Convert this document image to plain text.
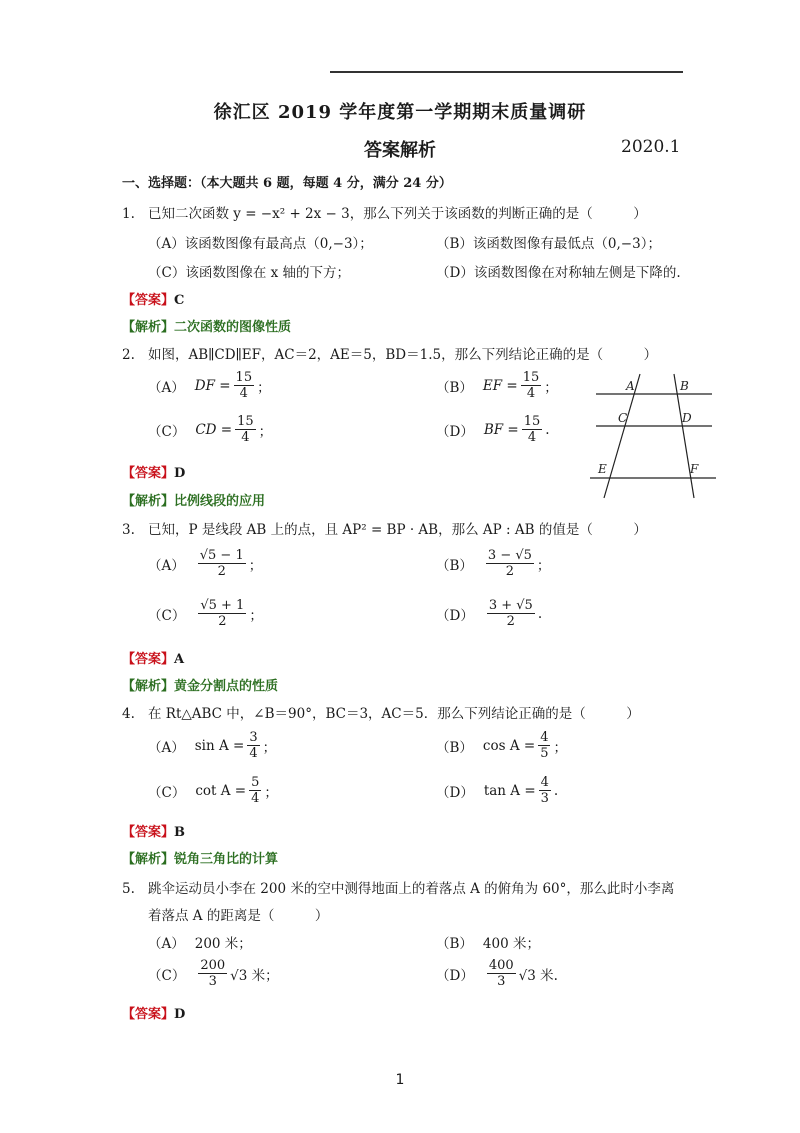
徐汇区 2019 学年度第一学期期末质量调研
答案解析	2020.1
一、选择题：（本大题共 6 题，每题 4 分，满分 24 分）
1. 已知二次函数 y = −x² + 2x − 3，那么下列关于该函数的判断正确的是（　　　）
（A）该函数图像有最高点（0,−3）；	（B）该函数图像有最低点（0,−3）；
（C）该函数图像在 x 轴的下方；	（D）该函数图像在对称轴左侧是下降的.
【答案】C
【解析】二次函数的图像性质
2. 如图，AB∥CD∥EF，AC＝2，AE＝5，BD＝1.5，那么下列结论正确的是（　　　）
（A） DF = $\frac{15}{4}$ ；	（B） EF = $\frac{15}{4}$ ；
（C） CD = $\frac{15}{4}$ ；	（D） BF = $\frac{15}{4}$ .
A	B
C	D
E	F
【答案】D
【解析】比例线段的应用
3. 已知，P 是线段 AB 上的点，且 AP² = BP · AB，那么 AP : AB 的值是（　　　）
$(A) \frac{√5 - 1}{2}$ ；	$(B) \frac{3 - √5}{2}$ ；
$(C) \frac{√5 + 1}{2}$ ；	$(D) \frac{3 + √5}{2}$ .
【答案】A
【解析】黄金分割点的性质
4. 在 Rt△ABC 中，∠B＝90°，BC＝3，AC＝5．那么下列结论正确的是（　　　）
（A） $\sin A = \frac{3}{4}$ ；	（B） $\cos A = \frac{4}{5}$ ；
（C） $\cot A = \frac{5}{4}$ ；	（D） $\tan A = \frac{4}{3}$ .
【答案】B
【解析】锐角三角比的计算
5. 跳伞运动员小李在 200 米的空中测得地面上的着落点 A 的俯角为 60°，那么此时小李离
着落点 A 的距离是（　　　）
（A） 200 米；	（B） 400 米；
$(C) \frac{200}{3} √3$ 米；	$(D) \frac{400}{3} √3$ 米.
【答案】D
1
